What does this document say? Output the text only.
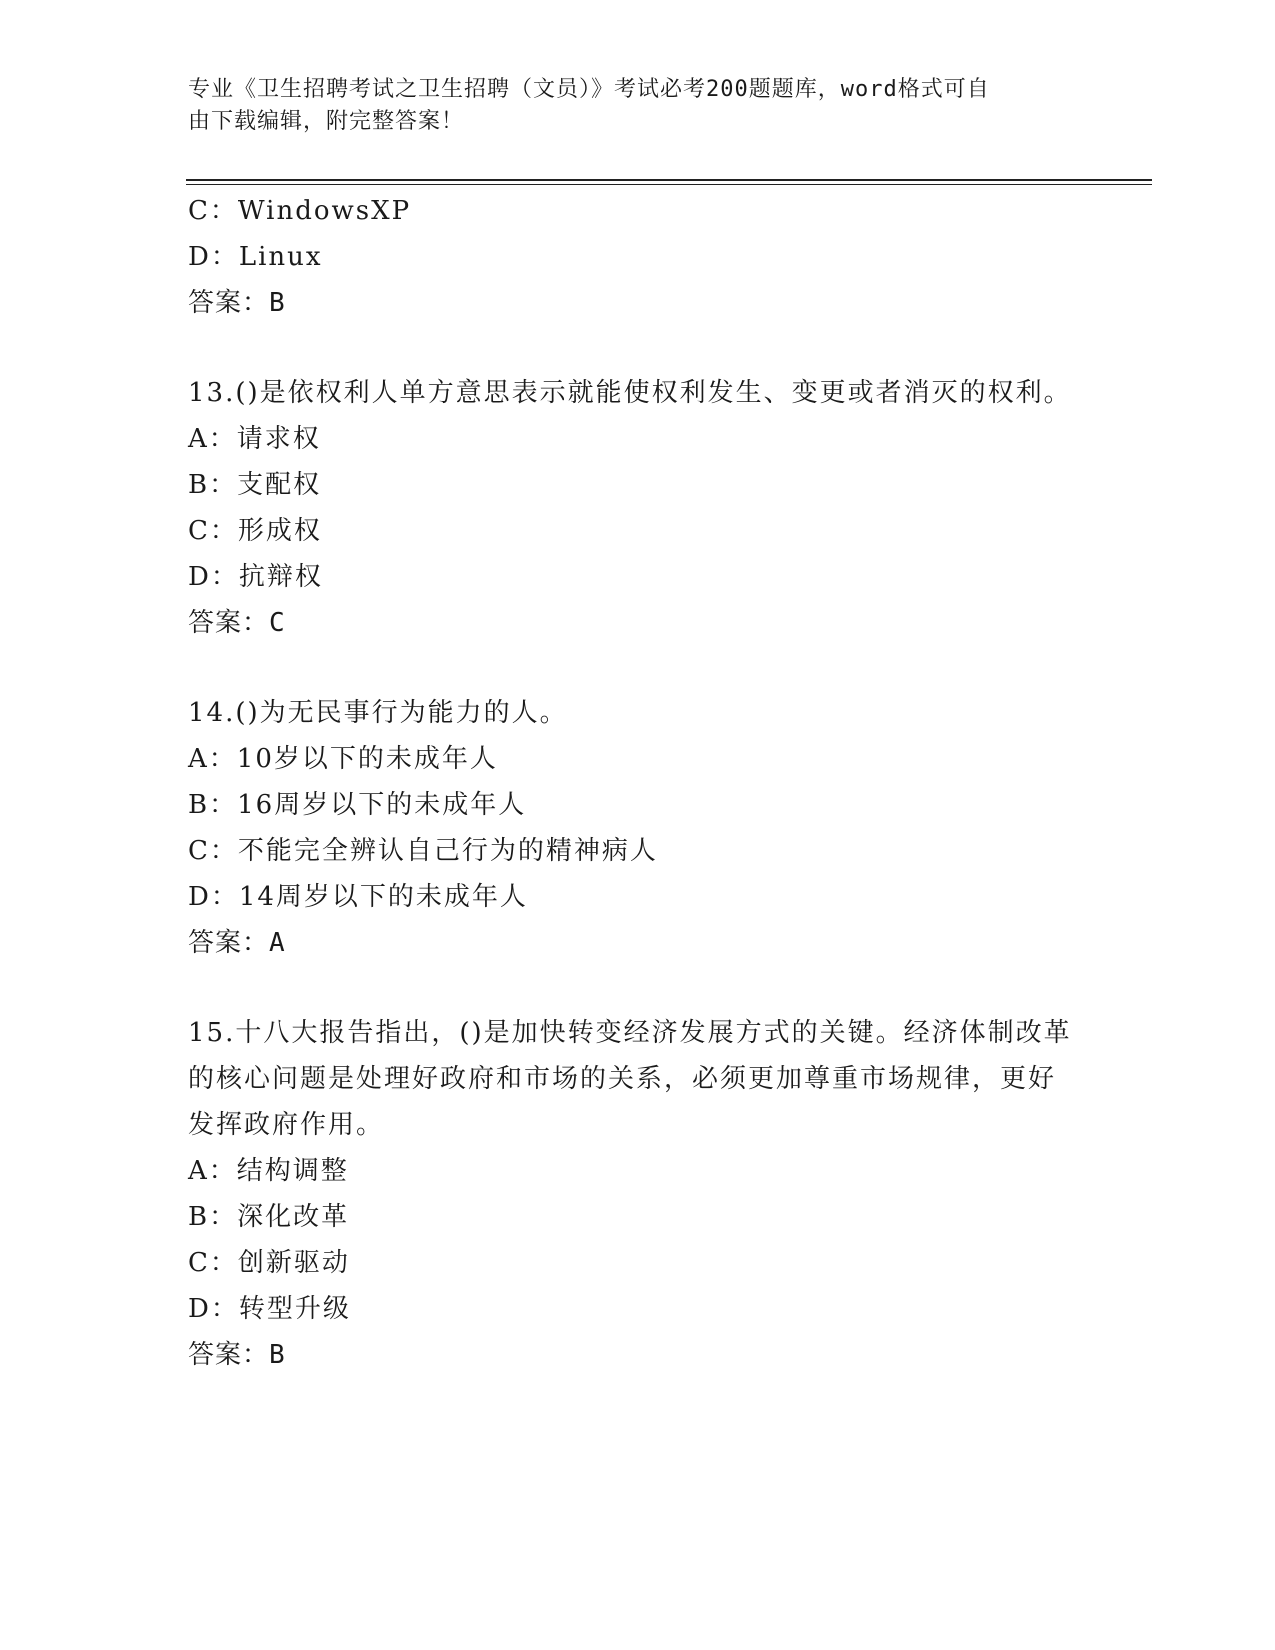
专业《卫生招聘考试之卫生招聘（文员）》考试必考200题题库，word格式可自
由下载编辑，附完整答案！
C：WindowsXP
D：Linux
答案：B
13.()是依权利人单方意思表示就能使权利发生、变更或者消灭的权利。
A：请求权
B：支配权
C：形成权
D：抗辩权
答案：C
14.()为无民事行为能力的人。
A：10岁以下的未成年人
B：16周岁以下的未成年人
C：不能完全辨认自己行为的精神病人
D：14周岁以下的未成年人
答案：A
15.十八大报告指出，()是加快转变经济发展方式的关键。经济体制改革的核心问题是处理好政府和市场的关系，必须更加尊重市场规律，更好发挥政府作用。
A：结构调整
B：深化改革
C：创新驱动
D：转型升级
答案：B
